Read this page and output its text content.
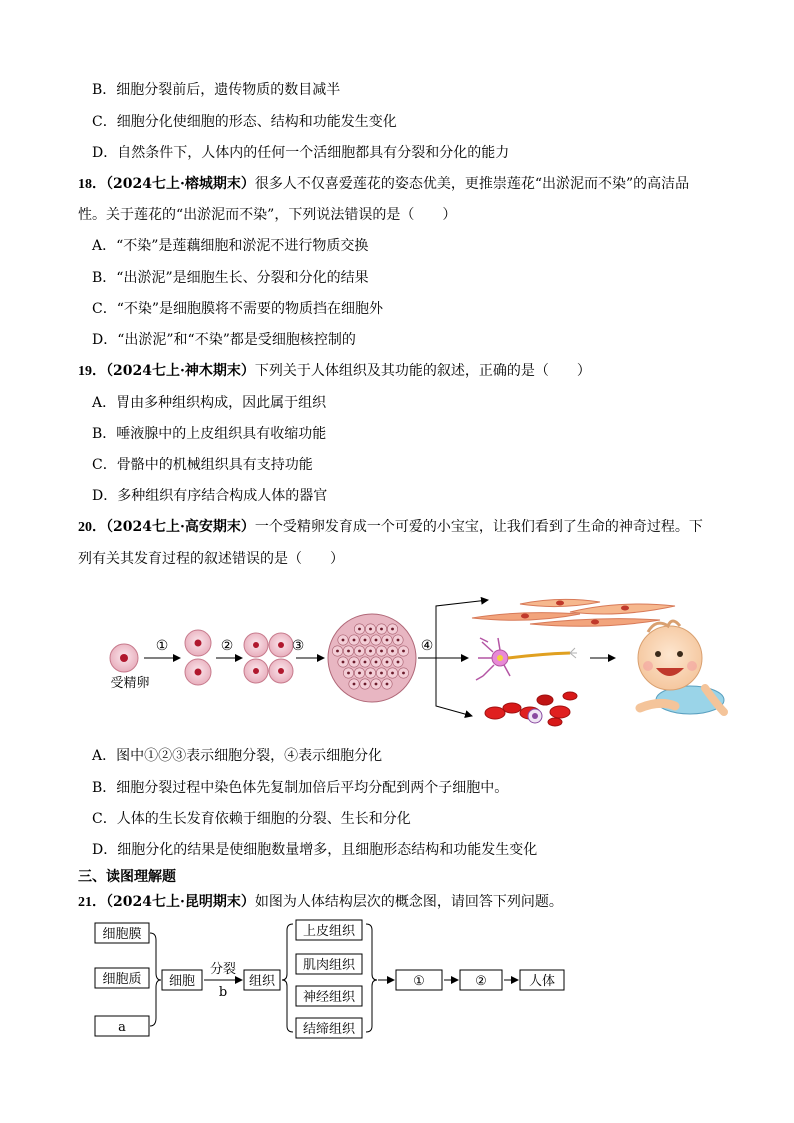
B．细胞分裂前后，遗传物质的数目减半
C．细胞分化使细胞的形态、结构和功能发生变化
D．自然条件下，人体内的任何一个活细胞都具有分裂和分化的能力
18．（2024七上·榕城期末）很多人不仅喜爱莲花的姿态优美，更推崇莲花“出淤泥而不染”的高洁品
性。关于莲花的“出淤泥而不染”，下列说法错误的是（　　）
A．“不染”是莲藕细胞和淤泥不进行物质交换
B．“出淤泥”是细胞生长、分裂和分化的结果
C．“不染”是细胞膜将不需要的物质挡在细胞外
D．“出淤泥”和“不染”都是受细胞核控制的
19．（2024七上·神木期末）下列关于人体组织及其功能的叙述，正确的是（　　）
A．胃由多种组织构成，因此属于组织
B．唾液腺中的上皮组织具有收缩功能
C．骨骼中的机械组织具有支持功能
D．多种组织有序结合构成人体的器官
20．（2024七上·高安期末）一个受精卵发育成一个可爱的小宝宝，让我们看到了生命的神奇过程。下
列有关其发育过程的叙述错误的是（　　）
受精卵
①	②	③	④
A．图中①②③表示细胞分裂，④表示细胞分化
B．细胞分裂过程中染色体先复制加倍后平均分配到两个子细胞中。
C．人体的生长发育依赖于细胞的分裂、生长和分化
D．细胞分化的结果是使细胞数量增多，且细胞形态结构和功能发生变化
三、读图理解题
21．（2024七上·昆明期末）如图为人体结构层次的概念图，请回答下列问题。
细胞膜
细胞质
a
细胞
分裂
b
组织
上皮组织
肌肉组织
神经组织
结缔组织
①	②	人体
